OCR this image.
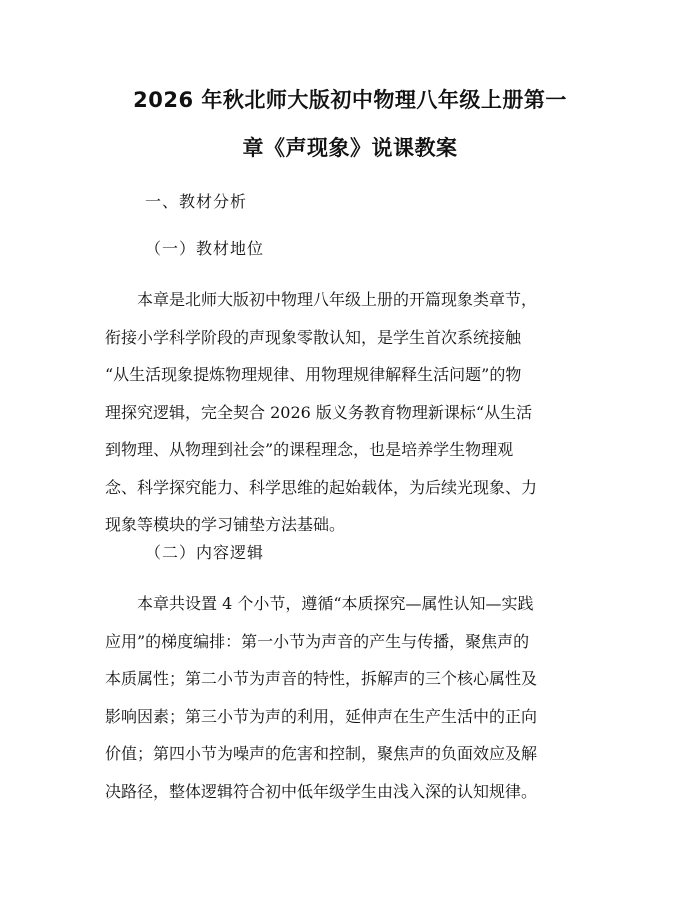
2026 年秋北师大版初中物理八年级上册第一
章《声现象》说课教案
一、教材分析
（一）教材地位
本章是北师大版初中物理八年级上册的开篇现象类章节，
衔接小学科学阶段的声现象零散认知，是学生首次系统接触
“从生活现象提炼物理规律、用物理规律解释生活问题”的物
理探究逻辑，完全契合 2026 版义务教育物理新课标“从生活
到物理、从物理到社会”的课程理念，也是培养学生物理观
念、科学探究能力、科学思维的起始载体，为后续光现象、力
现象等模块的学习铺垫方法基础。
（二）内容逻辑
本章共设置 4 个小节，遵循“本质探究—属性认知—实践
应用”的梯度编排：第一小节为声音的产生与传播，聚焦声的
本质属性；第二小节为声音的特性，拆解声的三个核心属性及
影响因素；第三小节为声的利用，延伸声在生产生活中的正向
价值；第四小节为噪声的危害和控制，聚焦声的负面效应及解
决路径，整体逻辑符合初中低年级学生由浅入深的认知规律。
